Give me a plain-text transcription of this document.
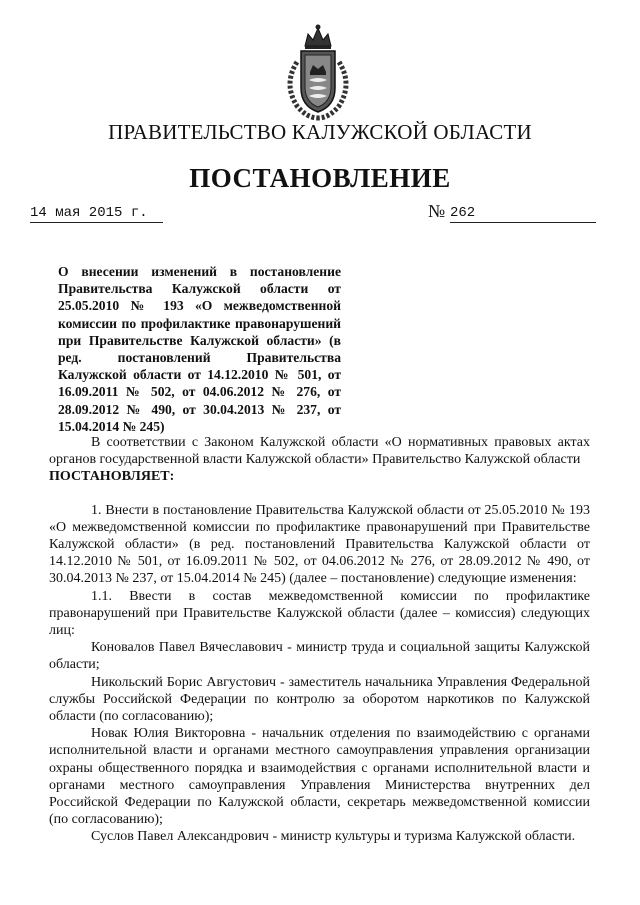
ПРАВИТЕЛЬСТВО КАЛУЖСКОЙ ОБЛАСТИ
ПОСТАНОВЛЕНИЕ
14 мая 2015 г.	№ 262
О внесении изменений в постановление Правительства Калужской области от 25.05.2010 № 193 «О межведомственной комиссии по профилактике правонарушений при Правительстве Калужской области» (в ред. постановлений Правительства Калужской области от 14.12.2010 № 501, от 16.09.2011 № 502, от 04.06.2012 № 276, от 28.09.2012 № 490, от 30.04.2013 № 237, от 15.04.2014 № 245)

В соответствии с Законом Калужской области «О нормативных правовых актах органов государственной власти Калужской области» Правительство Калужской области

ПОСТАНОВЛЯЕТ:

1. Внести в постановление Правительства Калужской области от 25.05.2010 № 193 «О межведомственной комиссии по профилактике правонарушений при Правительстве Калужской области» (в ред. постановлений Правительства Калужской области от 14.12.2010 № 501, от 16.09.2011 № 502, от 04.06.2012 № 276, от 28.09.2012 № 490, от 30.04.2013 № 237, от 15.04.2014 № 245) (далее – постановление) следующие изменения:

1.1. Ввести в состав межведомственной комиссии по профилактике правонарушений при Правительстве Калужской области (далее – комиссия) следующих лиц:

Коновалов Павел Вячеславович - министр труда и социальной защиты Калужской области;

Никольский Борис Августович - заместитель начальника Управления Федеральной службы Российской Федерации по контролю за оборотом наркотиков по Калужской области (по согласованию);

Новак Юлия Викторовна - начальник отделения по взаимодействию с органами исполнительной власти и органами местного самоуправления управления организации охраны общественного порядка и взаимодействия с органами исполнительной власти и органами местного самоуправления Управления Министерства внутренних дел Российской Федерации по Калужской области, секретарь межведомственной комиссии (по согласованию);

Суслов Павел Александрович - министр культуры и туризма Калужской области.
